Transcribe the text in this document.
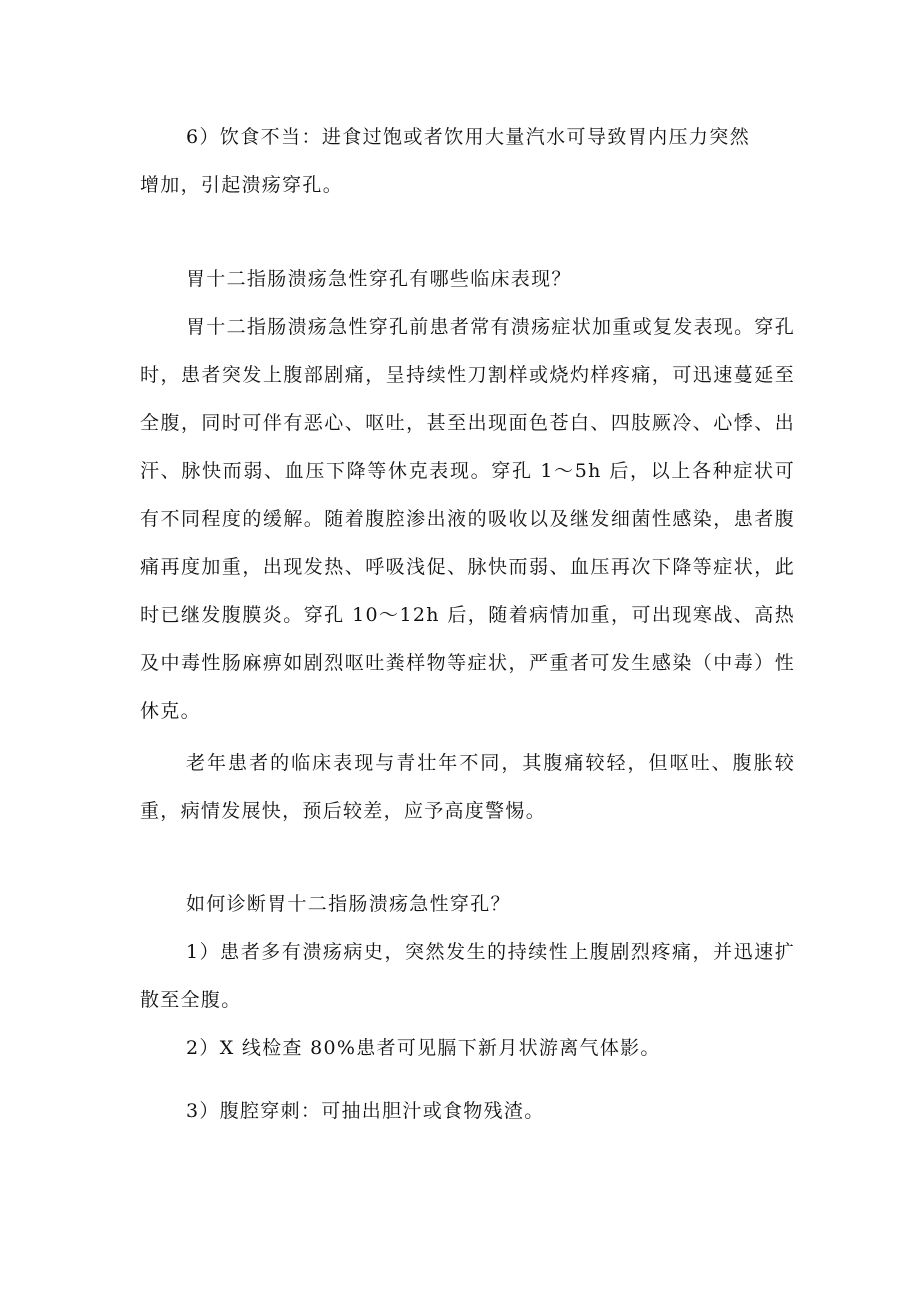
6）饮食不当：进食过饱或者饮用大量汽水可导致胃内压力突然增加，引起溃疡穿孔。

胃十二指肠溃疡急性穿孔有哪些临床表现？

胃十二指肠溃疡急性穿孔前患者常有溃疡症状加重或复发表现。穿孔时，患者突发上腹部剧痛，呈持续性刀割样或烧灼样疼痛，可迅速蔓延至全腹，同时可伴有恶心、呕吐，甚至出现面色苍白、四肢厥冷、心悸、出汗、脉快而弱、血压下降等休克表现。穿孔 1～5h 后，以上各种症状可有不同程度的缓解。随着腹腔渗出液的吸收以及继发细菌性感染，患者腹痛再度加重，出现发热、呼吸浅促、脉快而弱、血压再次下降等症状，此时已继发腹膜炎。穿孔 10～12h 后，随着病情加重，可出现寒战、高热及中毒性肠麻痹如剧烈呕吐粪样物等症状，严重者可发生感染（中毒）性休克。

老年患者的临床表现与青壮年不同，其腹痛较轻，但呕吐、腹胀较重，病情发展快，预后较差，应予高度警惕。

如何诊断胃十二指肠溃疡急性穿孔？

1）患者多有溃疡病史，突然发生的持续性上腹剧烈疼痛，并迅速扩散至全腹。

2）X 线检查 80%患者可见膈下新月状游离气体影。

3）腹腔穿刺：可抽出胆汁或食物残渣。
